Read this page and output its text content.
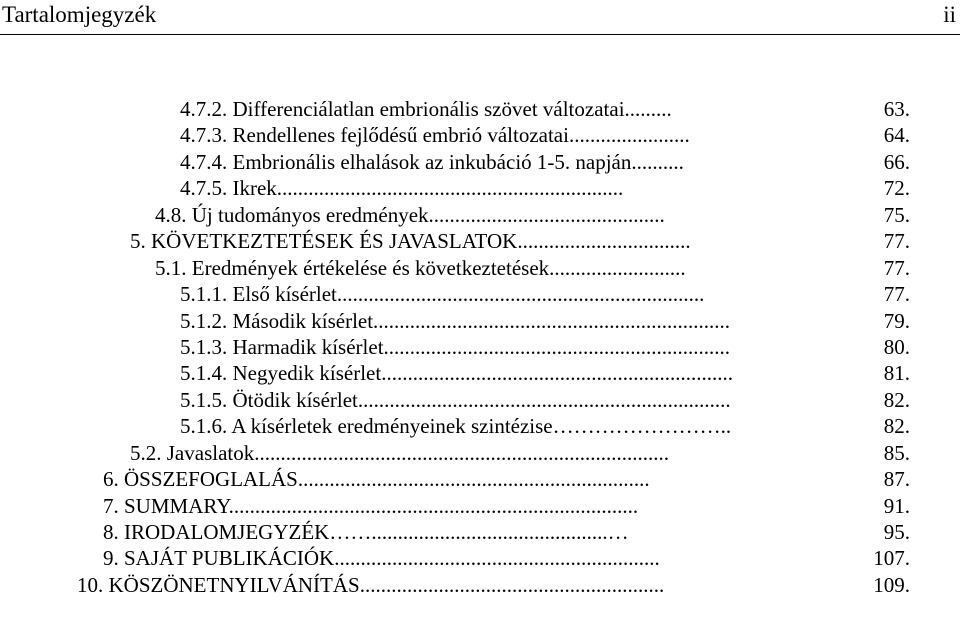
Tartalomjegyzék	ii
4.7.2. Differenciálatlan embrionális szövet változatai.........	63.
4.7.3. Rendellenes fejlődésű embrió változatai.......................	64.
4.7.4. Embrionális elhalások az inkubáció 1-5. napján..........	66.
4.7.5. Ikrek..................................................................	72.
4.8. Új tudományos eredmények.............................................	75.
5. KÖVETKEZTETÉSEK ÉS JAVASLATOK.................................	77.
5.1. Eredmények értékelése és következtetések..........................	77.
5.1.1. Első kísérlet......................................................................	77.
5.1.2. Második kísérlet....................................................................	79.
5.1.3. Harmadik kísérlet..................................................................	80.
5.1.4. Negyedik kísérlet...................................................................	81.
5.1.5. Ötödik kísérlet.......................................................................	82.
5.1.6. A kísérletek eredményeinek szintézise……………………..	82.
5.2. Javaslatok...............................................................................	85.
6. ÖSSZEFOGLALÁS...................................................................	87.
7. SUMMARY..............................................................................	91.
8. IRODALOMJEGYZÉK…….............................................…	95.
9. SAJÁT PUBLIKÁCIÓK..............................................................	107.
10. KÖSZÖNETNYILVÁNÍTÁS..........................................................	109.
